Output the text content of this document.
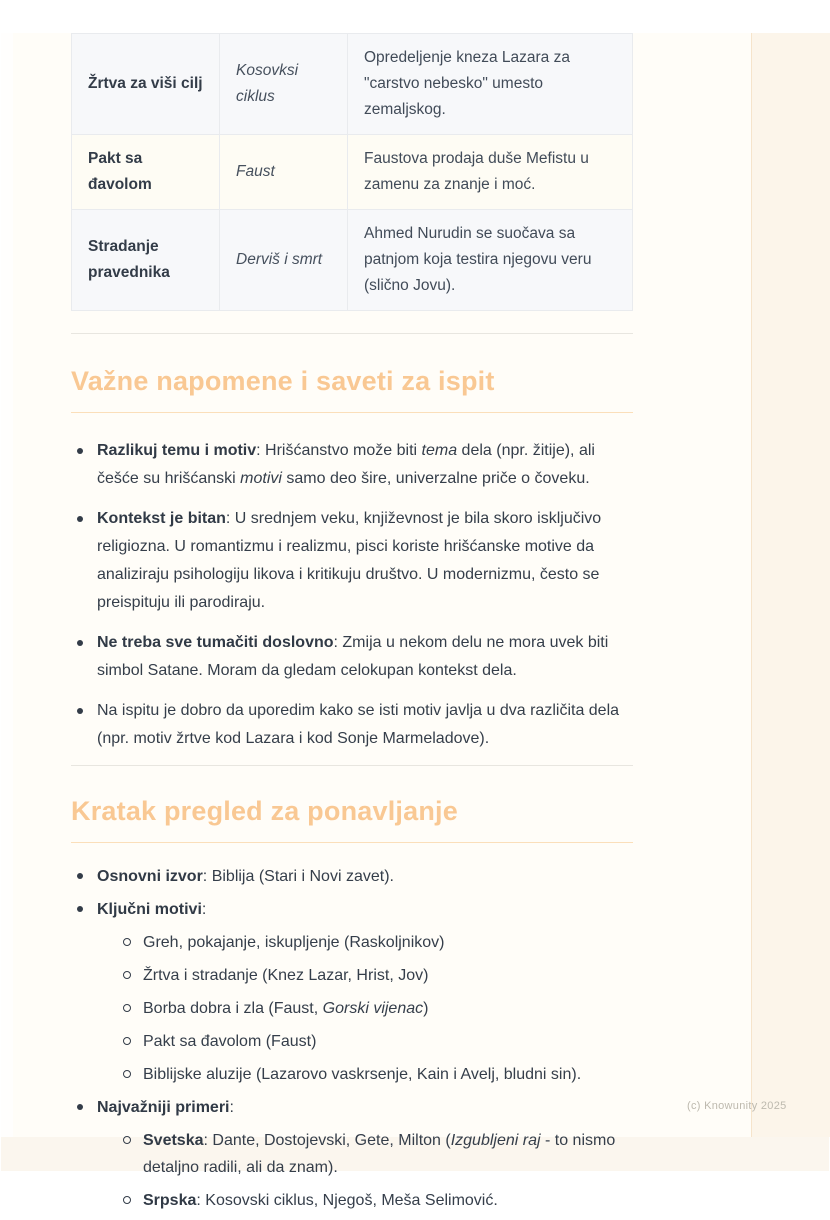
Žrtva za viši cilj	Kosovksi ciklus	Opredeljenje kneza Lazara za "carstvo nebesko" umesto zemaljskog.
Pakt sa đavolom	Faust	Faustova prodaja duše Mefistu u zamenu za znanje i moć.
Stradanje pravednika	Derviš i smrt	Ahmed Nurudin se suočava sa patnjom koja testira njegovu veru (slično Jovu).
Važne napomene i saveti za ispit
Razlikuj temu i motiv: Hrišćanstvo može biti tema dela (npr. žitije), ali češće su hrišćanski motivi samo deo šire, univerzalne priče o čoveku.
Kontekst je bitan: U srednjem veku, književnost je bila skoro isključivo religiozna. U romantizmu i realizmu, pisci koriste hrišćanske motive da analiziraju psihologiju likova i kritikuju društvo. U modernizmu, često se preispituju ili parodiraju.
Ne treba sve tumačiti doslovno: Zmija u nekom delu ne mora uvek biti simbol Satane. Moram da gledam celokupan kontekst dela.
Na ispitu je dobro da uporedim kako se isti motiv javlja u dva različita dela (npr. motiv žrtve kod Lazara i kod Sonje Marmeladove).
Kratak pregled za ponavljanje
Osnovni izvor: Biblija (Stari i Novi zavet).
Ključni motivi:
Greh, pokajanje, iskupljenje (Raskoljnikov)
Žrtva i stradanje (Knez Lazar, Hrist, Jov)
Borba dobra i zla (Faust, Gorski vijenac)
Pakt sa đavolom (Faust)
Biblijske aluzije (Lazarovo vaskrsenje, Kain i Avelj, bludni sin).
Najvažniji primeri:
Svetska: Dante, Dostojevski, Gete, Milton (Izgubljeni raj - to nismo detaljno radili, ali da znam).
Srpska: Kosovski ciklus, Njegoš, Meša Selimović.
(c) Knowunity 2025
